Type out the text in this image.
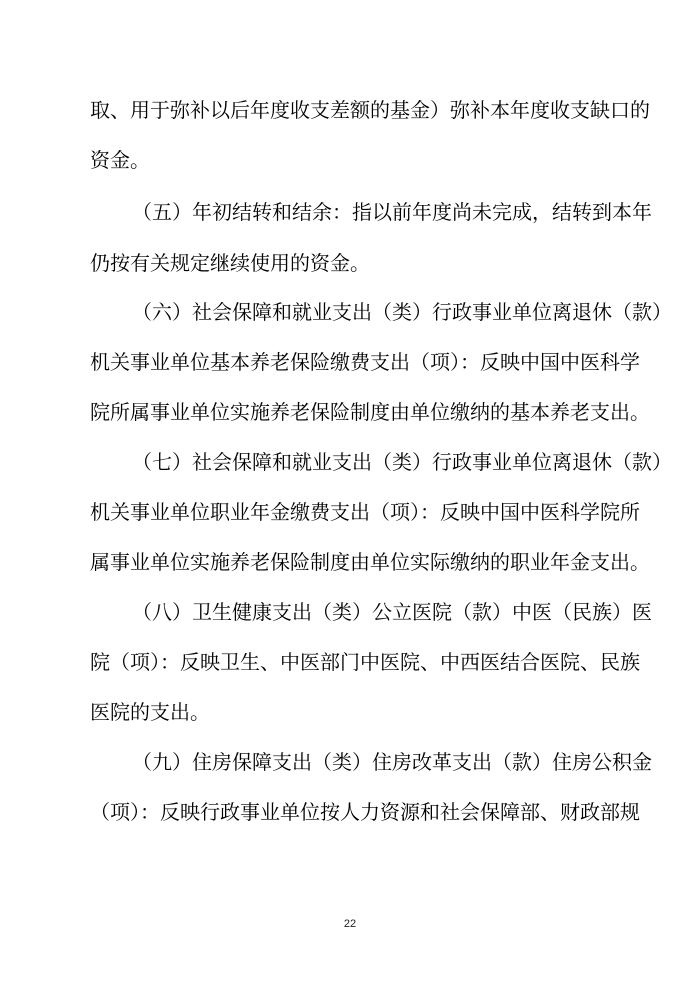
取、用于弥补以后年度收支差额的基金）弥补本年度收支缺口的
资金。
（五）年初结转和结余：指以前年度尚未完成，结转到本年
仍按有关规定继续使用的资金。
（六）社会保障和就业支出（类）行政事业单位离退休（款）
机关事业单位基本养老保险缴费支出（项）：反映中国中医科学
院所属事业单位实施养老保险制度由单位缴纳的基本养老支出。
（七）社会保障和就业支出（类）行政事业单位离退休（款）
机关事业单位职业年金缴费支出（项）：反映中国中医科学院所
属事业单位实施养老保险制度由单位实际缴纳的职业年金支出。
（八）卫生健康支出（类）公立医院（款）中医（民族）医
院（项）：反映卫生、中医部门中医院、中西医结合医院、民族
医院的支出。
（九）住房保障支出（类）住房改革支出（款）住房公积金
（项）：反映行政事业单位按人力资源和社会保障部、财政部规
22
